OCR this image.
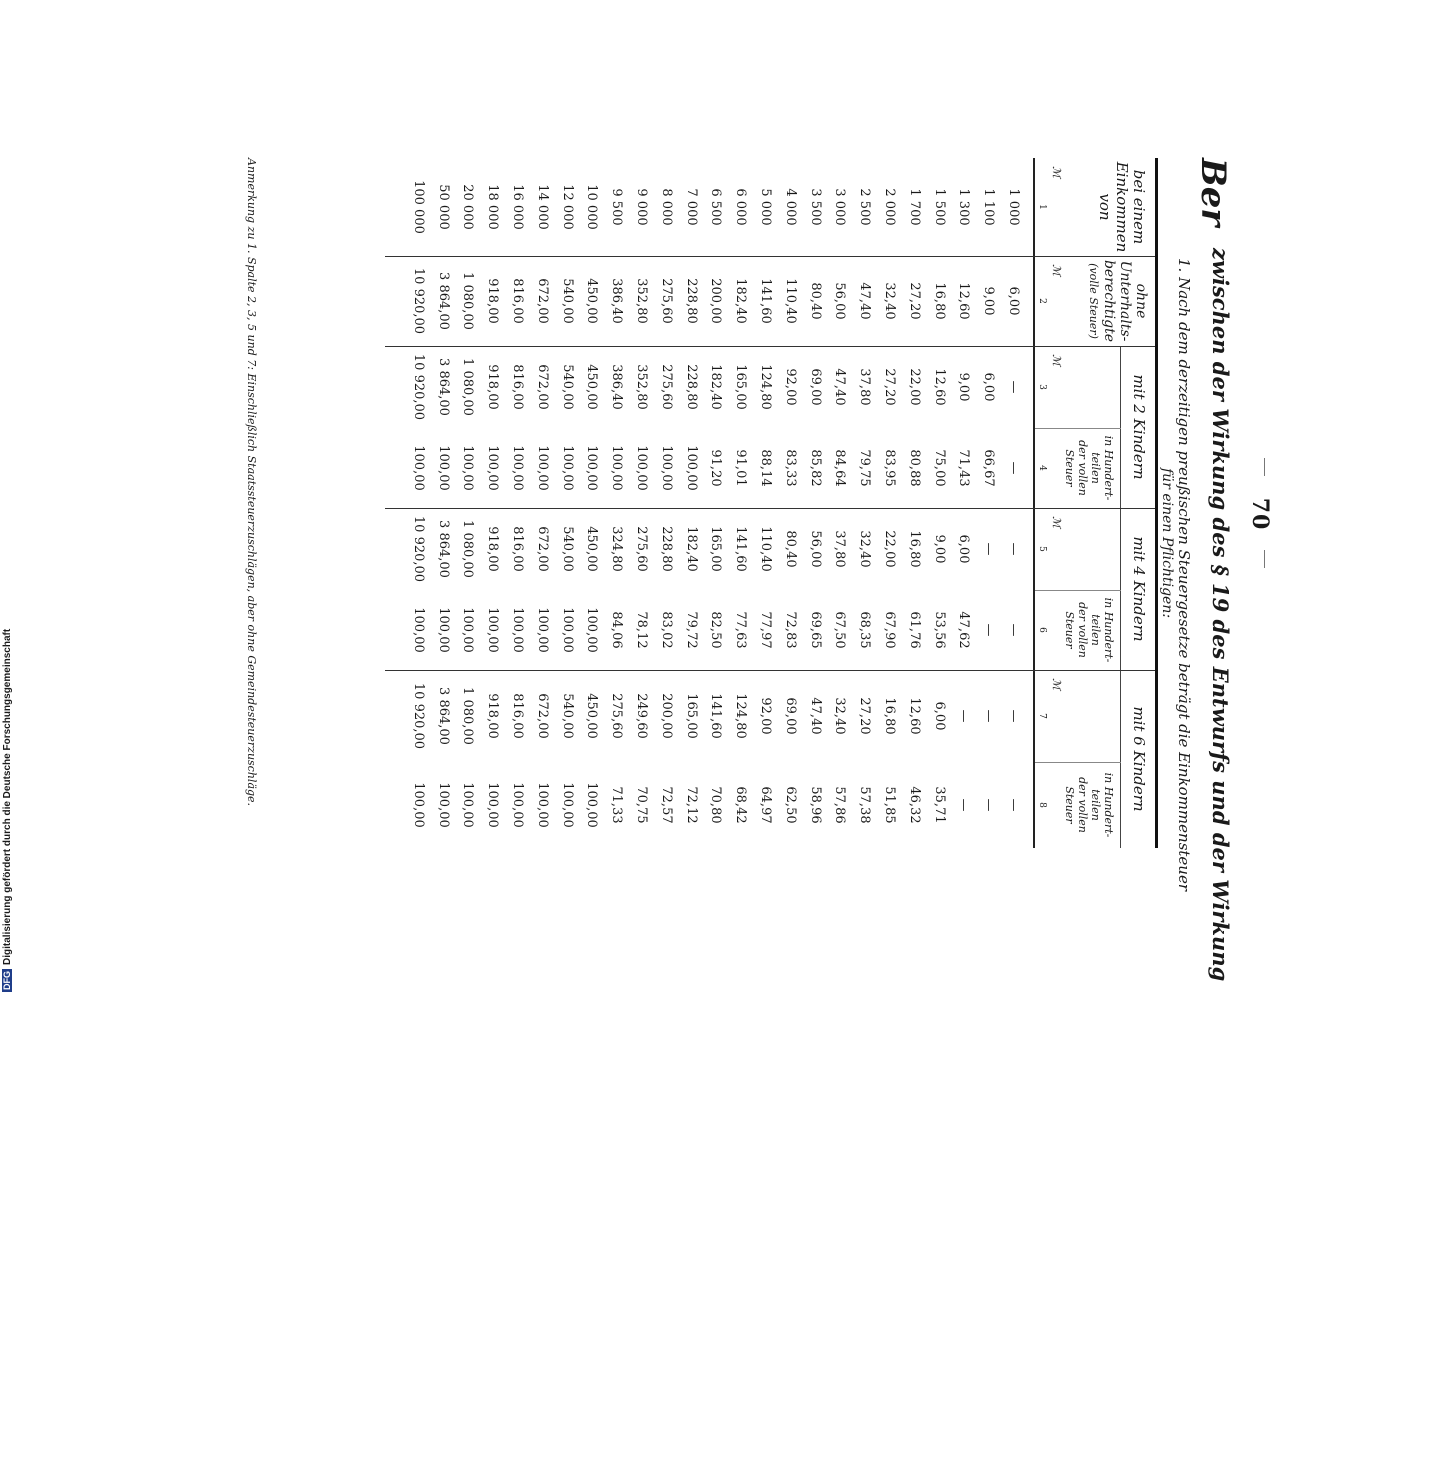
70
Ber
zwischen der Wirkung des § 19 des Entwurfs und der Wirkung
1. Nach dem derzeitigen preußischen Steuergesetze beträgt die Einkommensteuer
für einen Pflichtigen:
bei einem
Einkommen
von
ohne
Unterhalts-
berechtigte
(volle Steuer)
mit 2 Kindern
in Hundert-
teilen
der vollen
Steuer
mit 4 Kindern
in Hundert-
teilen
der vollen
Steuer
mit 6 Kindern
in Hundert-
teilen
der vollen
Steuer
ℳ
ℳ
ℳ
ℳ
ℳ
1
2
3
4
5
6
7
8
1 000
6,00
—
—
—
—
—
—
1 100
9,00
6,00
66,67
—
—
—
—
1 300
12,60
9,00
71,43
6,00
47,62
—
—
1 500
16,80
12,60
75,00
9,00
53,56
6,00
35,71
1 700
27,20
22,00
80,88
16,80
61,76
12,60
46,32
2 000
32,40
27,20
83,95
22,00
67,90
16,80
51,85
2 500
47,40
37,80
79,75
32,40
68,35
27,20
57,38
3 000
56,00
47,40
84,64
37,80
67,50
32,40
57,86
3 500
80,40
69,00
85,82
56,00
69,65
47,40
58,96
4 000
110,40
92,00
83,33
80,40
72,83
69,00
62,50
5 000
141,60
124,80
88,14
110,40
77,97
92,00
64,97
6 000
182,40
165,00
91,01
141,60
77,63
124,80
68,42
6 500
200,00
182,40
91,20
165,00
82,50
141,60
70,80
7 000
228,80
228,80
100,00
182,40
79,72
165,00
72,12
8 000
275,60
275,60
100,00
228,80
83,02
200,00
72,57
9 000
352,80
352,80
100,00
275,60
78,12
249,60
70,75
9 500
386,40
386,40
100,00
324,80
84,06
275,60
71,33
10 000
450,00
450,00
100,00
450,00
100,00
450,00
100,00
12 000
540,00
540,00
100,00
540,00
100,00
540,00
100,00
14 000
672,00
672,00
100,00
672,00
100,00
672,00
100,00
16 000
816,00
816,00
100,00
816,00
100,00
816,00
100,00
18 000
918,00
918,00
100,00
918,00
100,00
918,00
100,00
20 000
1 080,00
1 080,00
100,00
1 080,00
100,00
1 080,00
100,00
50 000
3 864,00
3 864,00
100,00
3 864,00
100,00
3 864,00
100,00
100 000
10 920,00
10 920,00
100,00
10 920,00
100,00
10 920,00
100,00
Anmerkung zu 1. Spalte 2, 3, 5 und 7: Einschließlich Staatssteuerzuschlägen, aber ohne Gemeindesteuerzuschläge.
DFGDigitalisierung gefördert durch die Deutsche Forschungsgemeinschaft
